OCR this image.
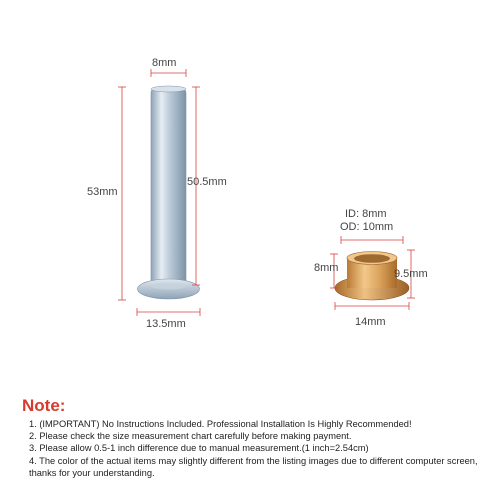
8mm
53mm
50.5mm
13.5mm
ID: 8mm
OD: 10mm
8mm	9.5mm
14mm
Note:
1. (IMPORTANT) No Instructions Included. Professional Installation Is Highly Recommended!
2. Please check the size measurement chart carefully before making payment.
3. Please allow 0.5-1 inch difference due to manual measurement.(1 inch=2.54cm)
4. The color of the actual items may slightly different from the listing images due to different computer screen, thanks for your understanding.
